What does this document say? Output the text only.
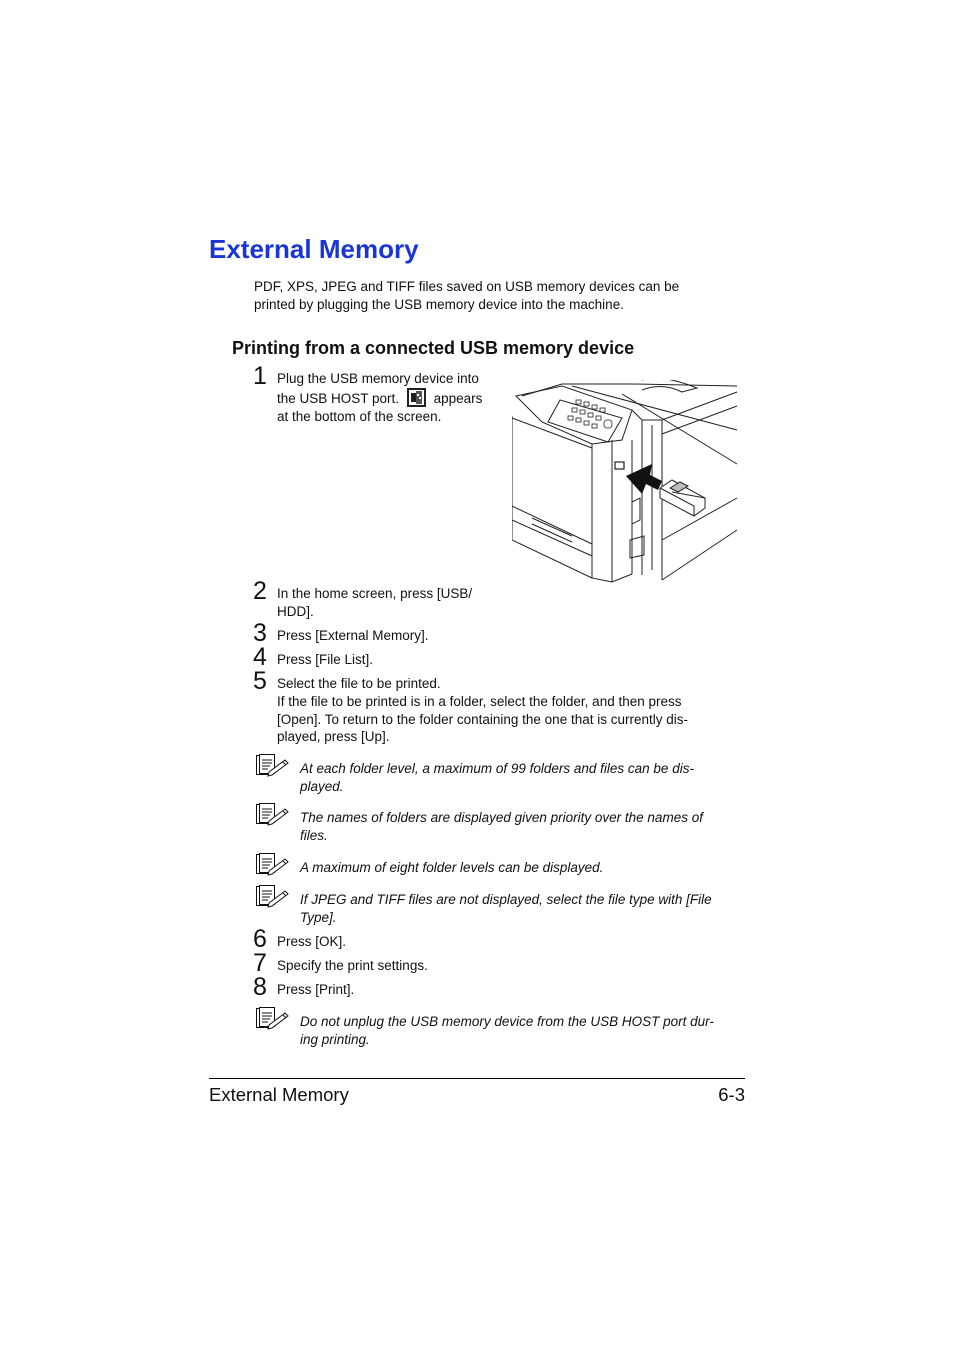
External Memory
PDF, XPS, JPEG and TIFF files saved on USB memory devices can be
printed by plugging the USB memory device into the machine.
Printing from a connected USB memory device
1 Plug the USB memory device into
the USB HOST port.	appears
at the bottom of the screen.
2 In the home screen, press [USB/
HDD].
3 Press [External Memory].
4 Press [File List].
5 Select the file to be printed.
If the file to be printed is in a folder, select the folder, and then press
[Open]. To return to the folder containing the one that is currently dis-
played, press [Up].
At each folder level, a maximum of 99 folders and files can be dis-
played.
The names of folders are displayed given priority over the names of
files.
A maximum of eight folder levels can be displayed.
If JPEG and TIFF files are not displayed, select the file type with [File
Type].
6 Press [OK].
7 Specify the print settings.
8 Press [Print].
Do not unplug the USB memory device from the USB HOST port dur-
ing printing.
External Memory	6-3
